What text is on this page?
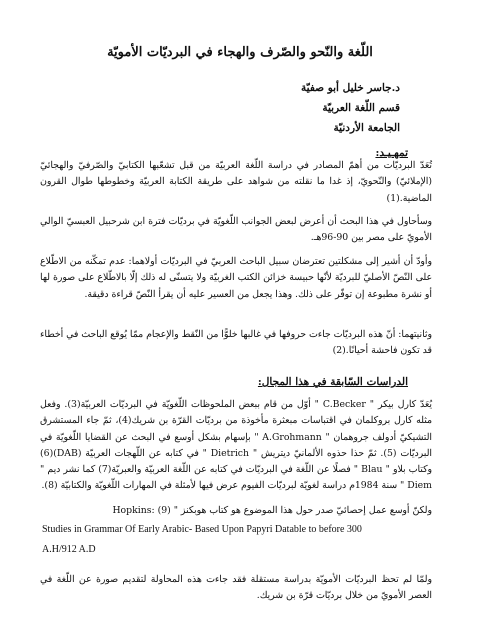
اللّغة والنّحو والصّرف والهجاء في البرديّات الأمويّة
د.جاسر خليل أبو صفيّة
قسم اللّغة العربيّة
الجامعة الأردنيّة
تمهـيـد:
تُعَدّ البرديّات من أهمّ المصادر في دراسة اللّغة العربيّة من قبل تشعّبها الكتابيّ والصّرفيّ والهجائيّ (الإملائيّ) والنّحويّ، إذ غدا ما نقلته من شواهد على طريقة الكتابة العربيّة وخطوطها طوال القرون الماضية.(1)
وسأحاول في هذا البحث أن أعرض لبعض الجوانب اللّغويّة في برديّات فترة ابن شرحبيل العبسيّ الوالي الأمويّ على مصر بين 90-96هـ.
وأودّ أن أشير إلى مشكلتين تعترضان سبيل الباحث العربيّ في البرديّات أولاهما: عدم تمكّنه من الاطّلاع على النّصّ الأصليّ للبرديّة لأنّها حبيسة خزائن الكتب الغربيّة ولا يتسنّى له ذلك إلّا بالاطّلاع على صورة لها أو نشرة مطبوعة إن توفّر على ذلك. وهذا يجعل من العسير عليه أن يقرأ النّصّ قراءة دقيقة.
وثانيتهما: أنّ هذه البرديّات جاءت حروفها في غالبها خلوًّا من النّقط والإعجام ممّا يُوقع الباحث في أخطاء قد تكون فاحشة أحيانًا.(2)
الدراسات السّابقة في هذا المجال:
يُعَدّ كارل بيكر " C.Becker " أوّل من قام ببعض الملحوظات اللّغويّة في البرديّات العربيّة(3). وفعل مثله كارل بروكلمان في اقتباسات مبعثرة مأخوذة من برديّات القرّة بن شريك(4)، ثمّ جاء المستشرق التشيكيّ أدولف جروهمان " A.Grohmann " بإسهام بشكل أوسع في البحث عن القضايا اللّغويّة في البرديّات (5). ثمّ حذا حذوه الألمانيّ ديتريش " Dietrich " في كتابه عن اللّهجات العربيّة (DAB)(6) وكتاب بلاو " Blau " فصلًا عن اللّغة في البرديّات في كتابه عن اللّغة العربيّة والعبريّة(7) كما نشر ديم " Diem " سنة 1984م دراسة لغويّة لبرديّات الفيوم عرض فيها لأمثلة في المهارات اللّغويّة والكتابيّة (8).
ولكنّ أوسع عمل إحصائيّ صدر حول هذا الموضوع هو كتاب هوبكنز " Hopkins: (9)
Studies in Grammar Of Early Arabic- Based Upon Papyri Datable to before 300
A.H/912 A.D
ولمّا لم تحظ البرديّات الأمويّة بدراسة مستقلة فقد جاءت هذه المحاولة لتقديم صورة عن اللّغة في العصر الأمويّ من خلال برديّات قرّة بن شريك.
